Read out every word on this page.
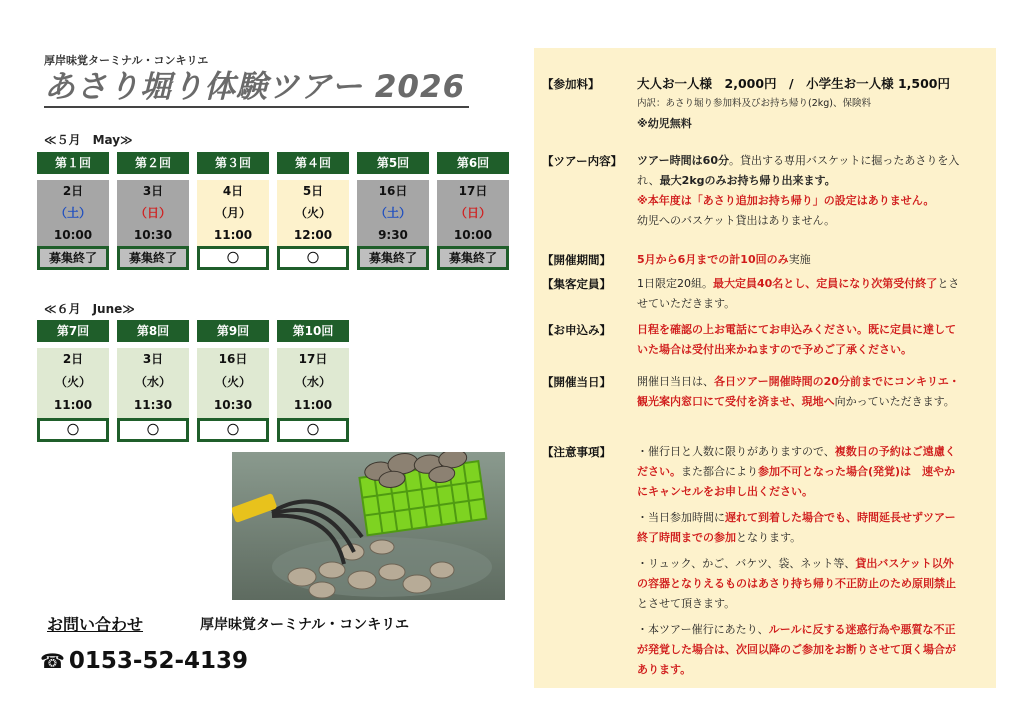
厚岸味覚ターミナル・コンキリエ
あさり堀り体験ツアー 2026
≪５月　May≫
第１回
2日
（土）
10:00
募集終了
第２回
3日
（日）
10:30
募集終了
第３回
4日
（月）
11:00
〇
第４回
5日
（火）
12:00
〇
第5回
16日
（土）
9:30
募集終了
第6回
17日
（日）
10:00
募集終了
≪６月　June≫
第7回
2日
（火）
11:00
〇
第8回
3日
（水）
11:30
〇
第9回
16日
（火）
10:30
〇
第10回
17日
（水）
11:00
〇
お問い合わせ	厚岸味覚ターミナル・コンキリエ
☎ 0153-52-4139
【参加料】	大人お一人様　2,000円　/　小学生お一人様 1,500円
内訳：あさり堀り参加料及びお持ち帰り(2kg)、保険料
※幼児無料
【ツアー内容】 ツアー時間は60分。貸出する専用バスケットに掘ったあさりを入
れ、最大2kgのみお持ち帰り出来ます。
※本年度は「あさり追加お持ち帰り」の設定はありません。
幼児へのバスケット貸出はありません。
【開催期間】 5月から6月までの計10回のみ実施
【集客定員】 1日限定20組。最大定員40名とし、定員になり次第受付終了とさ
せていただきます。
【お申込み】 日程を確認の上お電話にてお申込みください。既に定員に達して
いた場合は受付出来かねますので予めご了承ください。
【開催当日】 開催日当日は、各日ツアー開催時間の20分前までにコンキリエ・
観光案内窓口にて受付を済ませ、現地へ向かっていただきます。
【注意事項】 ・催行日と人数に限りがありますので、複数日の予約はご遠慮く
ださい。また都合により参加不可となった場合(発覚)は　速やか
にキャンセルをお申し出ください。
・当日参加時間に遅れて到着した場合でも、時間延長せずツアー
終了時間までの参加となります。
・リュック、かご、バケツ、袋、ネット等、貸出バスケット以外
の容器となりえるものはあさり持ち帰り不正防止のため原則禁止
とさせて頂きます。
・本ツアー催行にあたり、ルールに反する迷惑行為や悪質な不正
が発覚した場合は、次回以降のご参加をお断りさせて頂く場合が
あります。
